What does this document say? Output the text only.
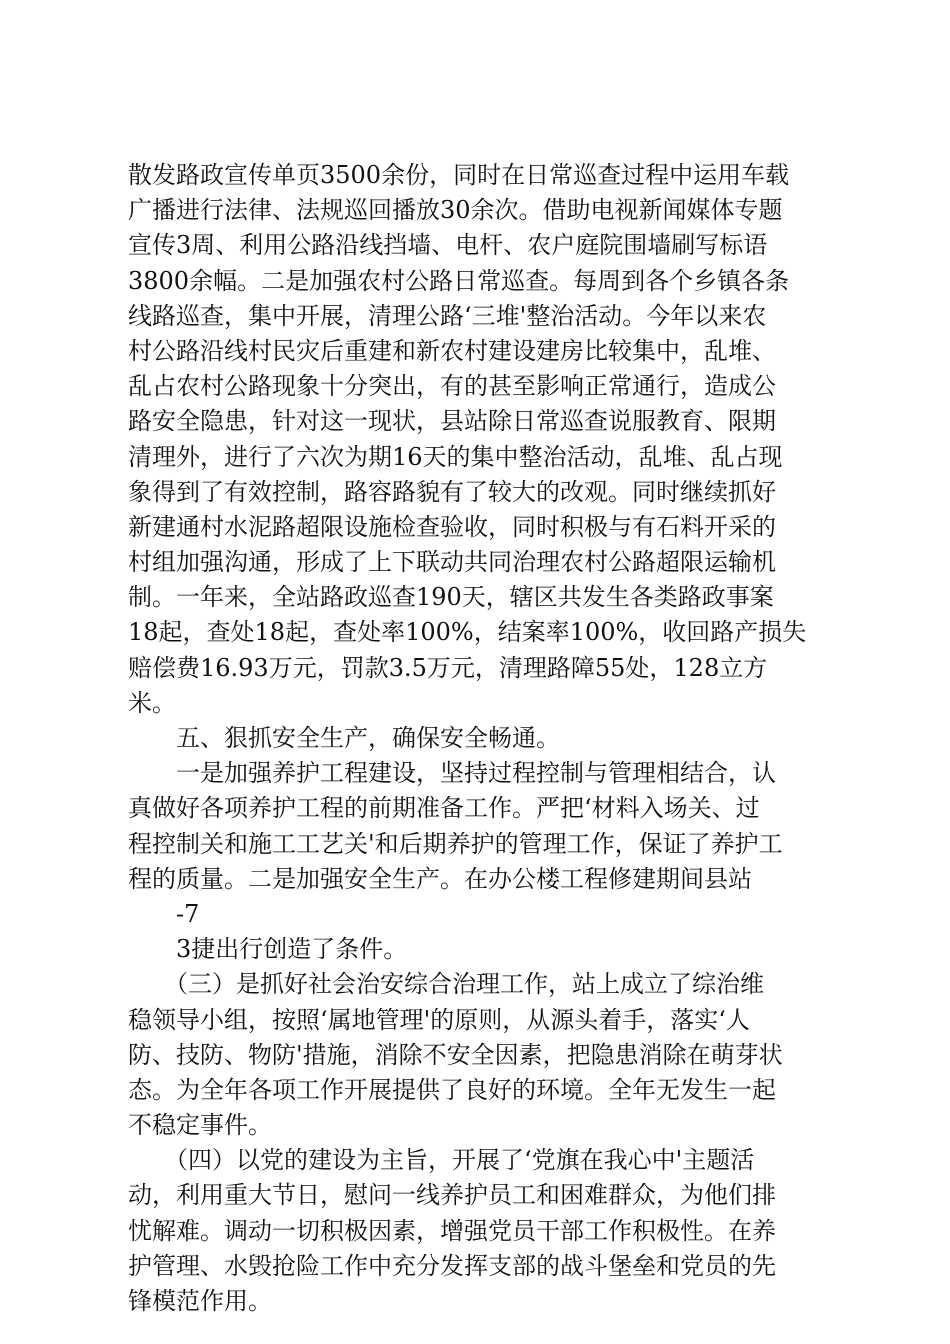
散发路政宣传单页3500余份，同时在日常巡查过程中运用车载
广播进行法律、法规巡回播放30余次。借助电视新闻媒体专题
宣传3周、利用公路沿线挡墙、电杆、农户庭院围墙刷写标语
3800余幅。二是加强农村公路日常巡查。每周到各个乡镇各条
线路巡查，集中开展，清理公路‘三堆'整治活动。今年以来农
村公路沿线村民灾后重建和新农村建设建房比较集中，乱堆、
乱占农村公路现象十分突出，有的甚至影响正常通行，造成公
路安全隐患，针对这一现状，县站除日常巡查说服教育、限期
清理外，进行了六次为期16天的集中整治活动，乱堆、乱占现
象得到了有效控制，路容路貌有了较大的改观。同时继续抓好
新建通村水泥路超限设施检查验收，同时积极与有石料开采的
村组加强沟通，形成了上下联动共同治理农村公路超限运输机
制。一年来，全站路政巡查190天，辖区共发生各类路政事案
18起，查处18起，查处率100%，结案率100%，收回路产损失
赔偿费16.93万元，罚款3.5万元，清理路障55处，128立方
米。
　　五、狠抓安全生产，确保安全畅通。
　　一是加强养护工程建设，坚持过程控制与管理相结合，认
真做好各项养护工程的前期准备工作。严把‘材料入场关、过
程控制关和施工工艺关'和后期养护的管理工作，保证了养护工
程的质量。二是加强安全生产。在办公楼工程修建期间县站
　　-7
　　3捷出行创造了条件。
　　（三）是抓好社会治安综合治理工作，站上成立了综治维
稳领导小组，按照‘属地管理'的原则，从源头着手，落实‘人
防、技防、物防'措施，消除不安全因素，把隐患消除在萌芽状
态。为全年各项工作开展提供了良好的环境。全年无发生一起
不稳定事件。
　　（四）以党的建设为主旨，开展了‘党旗在我心中'主题活
动，利用重大节日，慰问一线养护员工和困难群众，为他们排
忧解难。调动一切积极因素，增强党员干部工作积极性。在养
护管理、水毁抢险工作中充分发挥支部的战斗堡垒和党员的先
锋模范作用。
